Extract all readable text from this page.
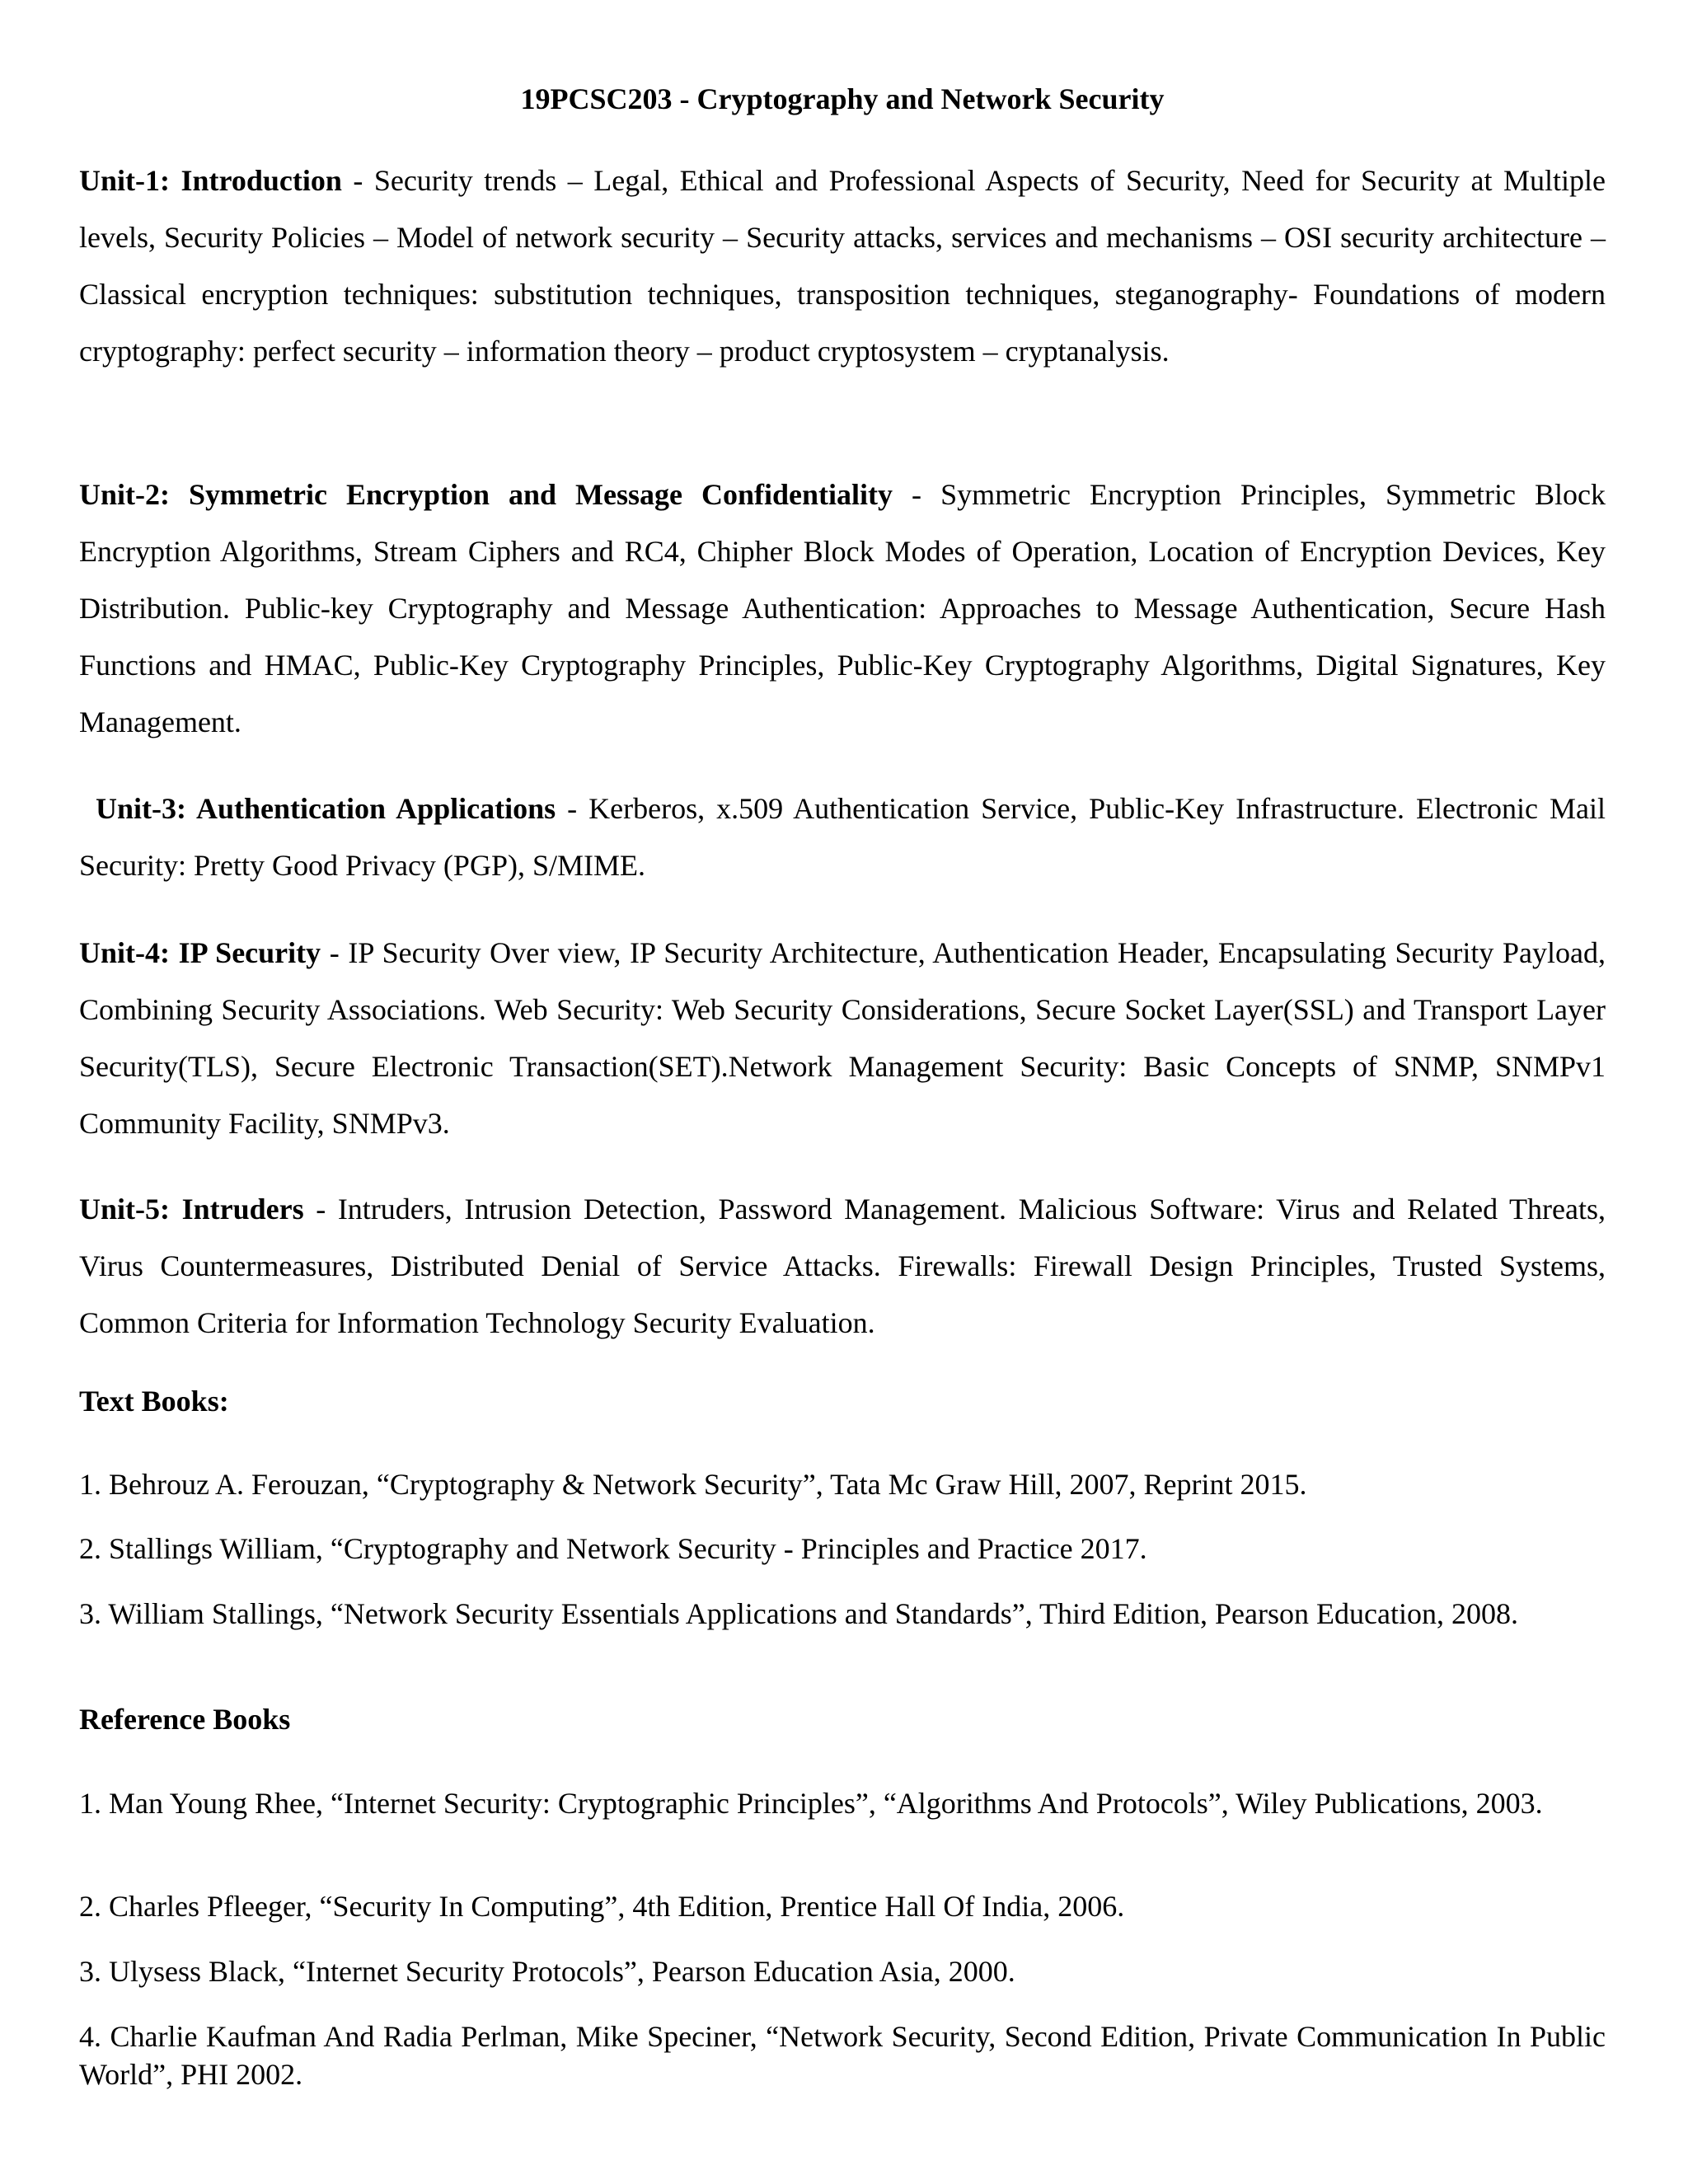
19PCSC203 - Cryptography and Network Security

Unit-1: Introduction - Security trends – Legal, Ethical and Professional Aspects of Security, Need for Security at Multiple levels, Security Policies – Model of network security – Security attacks, services and mechanisms – OSI security architecture – Classical encryption techniques: substitution techniques, transposition techniques, steganography- Foundations of modern cryptography: perfect security – information theory – product cryptosystem – cryptanalysis.

Unit-2: Symmetric Encryption and Message Confidentiality - Symmetric Encryption Principles, Symmetric Block Encryption Algorithms, Stream Ciphers and RC4, Chipher Block Modes of Operation, Location of Encryption Devices, Key Distribution. Public-key Cryptography and Message Authentication: Approaches to Message Authentication, Secure Hash Functions and HMAC, Public-Key Cryptography Principles, Public-Key Cryptography Algorithms, Digital Signatures, Key Management.

Unit-3: Authentication Applications - Kerberos, x.509 Authentication Service, Public-Key Infrastructure. Electronic Mail Security: Pretty Good Privacy (PGP), S/MIME.

Unit-4: IP Security - IP Security Over view, IP Security Architecture, Authentication Header, Encapsulating Security Payload, Combining Security Associations. Web Security: Web Security Considerations, Secure Socket Layer(SSL) and Transport Layer Security(TLS), Secure Electronic Transaction(SET).Network Management Security: Basic Concepts of SNMP, SNMPv1 Community Facility, SNMPv3.

Unit-5: Intruders - Intruders, Intrusion Detection, Password Management. Malicious Software: Virus and Related Threats, Virus Countermeasures, Distributed Denial of Service Attacks. Firewalls: Firewall Design Principles, Trusted Systems, Common Criteria for Information Technology Security Evaluation.

Text Books:

1. Behrouz A. Ferouzan, “Cryptography & Network Security”, Tata Mc Graw Hill, 2007, Reprint 2015.

2. Stallings William, “Cryptography and Network Security - Principles and Practice 2017.

3. William Stallings, “Network Security Essentials Applications and Standards”, Third Edition, Pearson Education, 2008.

Reference Books

1. Man Young Rhee, “Internet Security: Cryptographic Principles”, “Algorithms And Protocols”, Wiley Publications, 2003.

2. Charles Pfleeger, “Security In Computing”, 4th Edition, Prentice Hall Of India, 2006.

3. Ulysess Black, “Internet Security Protocols”, Pearson Education Asia, 2000.

4. Charlie Kaufman And Radia Perlman, Mike Speciner, “Network Security, Second Edition, Private Communication In Public World”, PHI 2002.
